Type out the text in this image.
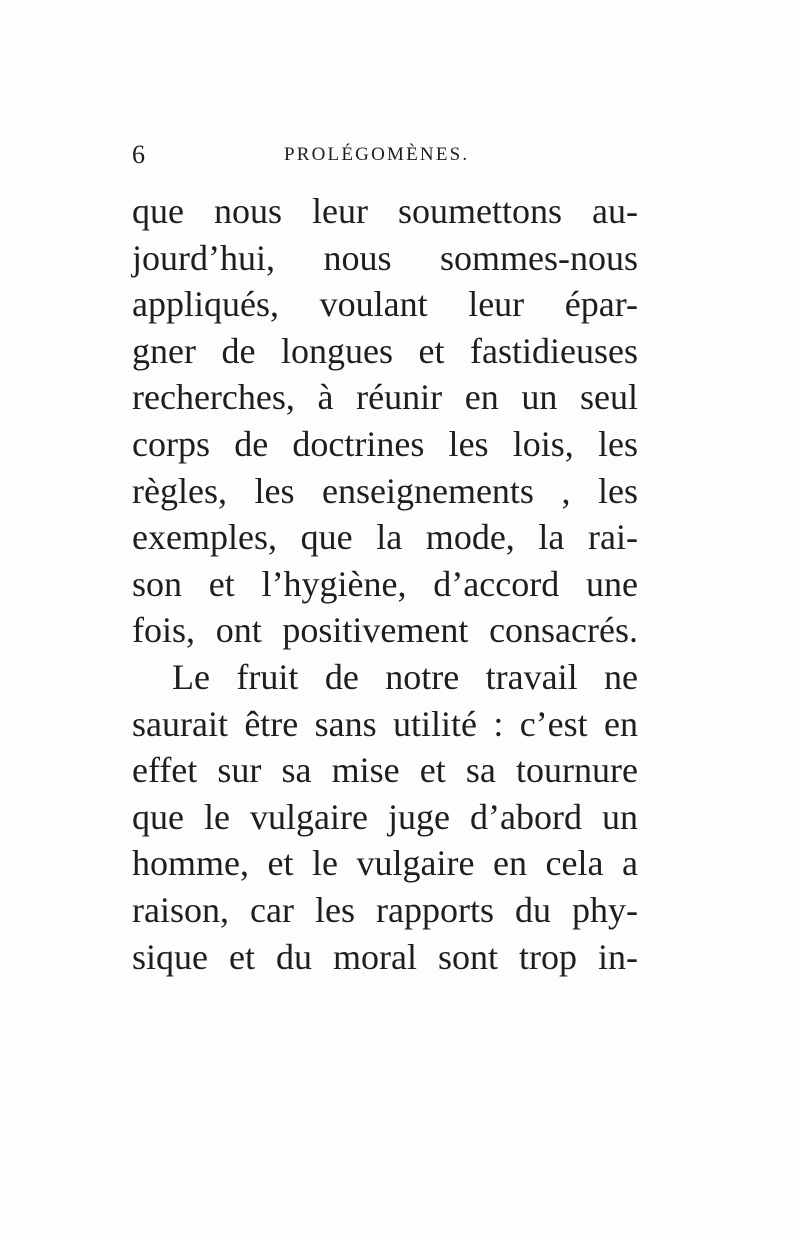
6	PROLÉGOMÈNES.
que nous leur soumettons au-
jourd’hui, nous sommes-nous
appliqués, voulant leur épar-
gner de longues et fastidieuses
recherches, à réunir en un seul
corps de doctrines les lois, les
règles, les enseignements , les
exemples, que la mode, la rai-
son et l’hygiène, d’accord une
fois, ont positivement consacrés.
Le fruit de notre travail ne
saurait être sans utilité : c’est en
effet sur sa mise et sa tournure
que le vulgaire juge d’abord un
homme, et le vulgaire en cela a
raison, car les rapports du phy-
sique et du moral sont trop in-
